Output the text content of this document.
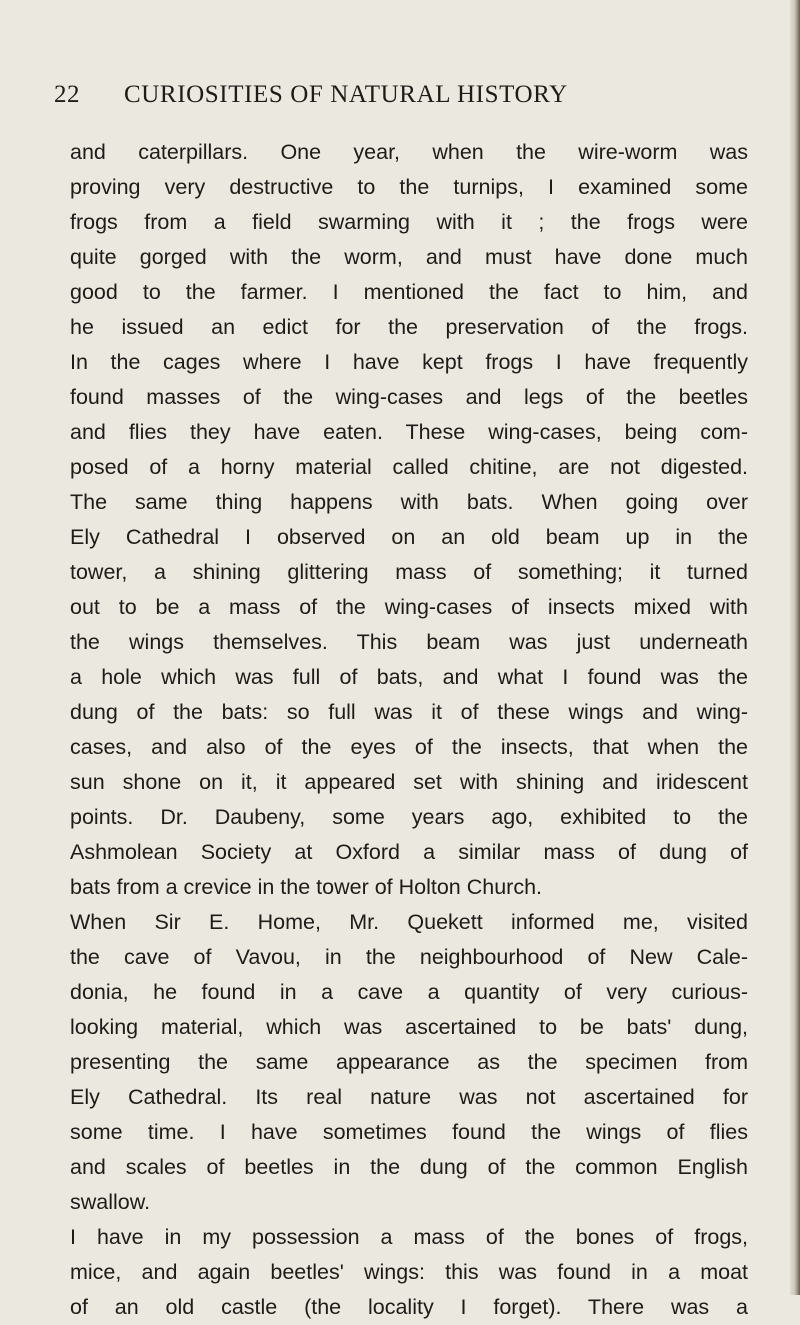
22 CURIOSITIES OF NATURAL HISTORY
and caterpillars. One year, when the wire-worm was
proving very destructive to the turnips, I examined some
frogs from a field swarming with it ; the frogs were
quite gorged with the worm, and must have done much
good to the farmer. I mentioned the fact to him, and
he issued an edict for the preservation of the frogs.
In the cages where I have kept frogs I have frequently
found masses of the wing-cases and legs of the beetles
and flies they have eaten. These wing-cases, being com-
posed of a horny material called chitine, are not digested.
The same thing happens with bats. When going over
Ely Cathedral I observed on an old beam up in the
tower, a shining glittering mass of something; it turned
out to be a mass of the wing-cases of insects mixed with
the wings themselves. This beam was just underneath
a hole which was full of bats, and what I found was the
dung of the bats: so full was it of these wings and wing-
cases, and also of the eyes of the insects, that when the
sun shone on it, it appeared set with shining and iridescent
points. Dr. Daubeny, some years ago, exhibited to the
Ashmolean Society at Oxford a similar mass of dung of
bats from a crevice in the tower of Holton Church.
When Sir E. Home, Mr. Quekett informed me, visited
the cave of Vavou, in the neighbourhood of New Cale-
donia, he found in a cave a quantity of very curious-
looking material, which was ascertained to be bats' dung,
presenting the same appearance as the specimen from
Ely Cathedral. Its real nature was not ascertained for
some time. I have sometimes found the wings of flies
and scales of beetles in the dung of the common English
swallow.
I have in my possession a mass of the bones of frogs,
mice, and again beetles' wings: this was found in a moat
of an old castle (the locality I forget). There was a
